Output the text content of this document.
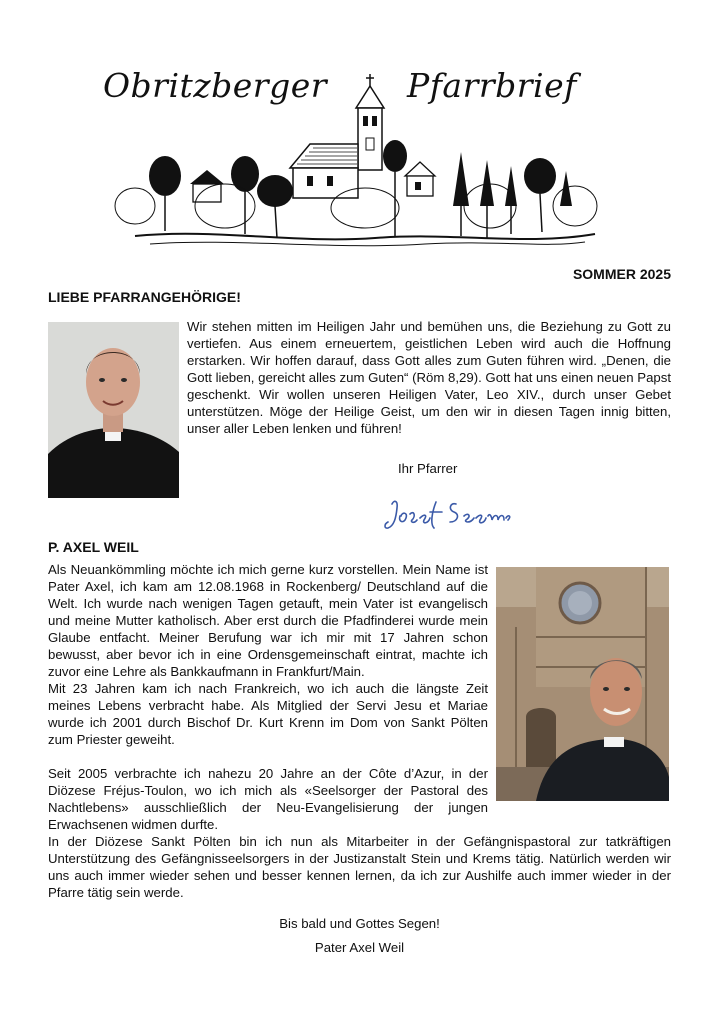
Obritzberger Pfarrbrief
SOMMER 2025
LIEBE PFARRANGEHÖRIGE!

Wir stehen mitten im Heiligen Jahr und bemühen uns, die Beziehung zu Gott zu vertiefen. Aus einem erneuertem, geistlichen Leben wird auch die Hoffnung erstarken. Wir hoffen darauf, dass Gott alles zum Guten führen wird. „Denen, die Gott lieben, gereicht alles zum Guten“ (Röm 8,29). Gott hat uns einen neuen Papst geschenkt. Wir wollen unseren Heiligen Vater, Leo XIV., durch unser Gebet unterstützen. Möge der Heilige Geist, um den wir in diesen Tagen innig bitten, unser aller Leben lenken und führen!

Ihr Pfarrer
P. AXEL WEIL

Als Neuankömmling möchte ich mich gerne kurz vorstellen. Mein Name ist Pater Axel, ich kam am 12.08.1968 in Rockenberg/ Deutschland auf die Welt. Ich wurde nach wenigen Tagen getauft, mein Vater ist evangelisch und meine Mutter katholisch. Aber erst durch die Pfadfinderei wurde mein Glaube entfacht. Meiner Berufung war ich mir mit 17 Jahren schon bewusst, aber bevor ich in eine Ordensgemeinschaft eintrat, machte ich zuvor eine Lehre als Bankkaufmann in Frankfurt/Main.
Mit 23 Jahren kam ich nach Frankreich, wo ich auch die längste Zeit meines Lebens verbracht habe. Als Mitglied der Servi Jesu et Mariae wurde ich 2001 durch Bischof Dr. Kurt Krenn im Dom von Sankt Pölten zum Priester geweiht.

Seit 2005 verbrachte ich nahezu 20 Jahre an der Côte d’Azur, in der Diözese Fréjus-Toulon, wo ich mich als «Seelsorger der Pastoral des Nachtlebens» ausschließlich der Neu-Evangelisierung der jungen Erwachsenen widmen durfte.

In der Diözese Sankt Pölten bin ich nun als Mitarbeiter in der Gefängnispastoral zur tatkräftigen Unterstützung des Gefängnisseelsorgers in der Justizanstalt Stein und Krems tätig. Natürlich werden wir uns auch immer wieder sehen und besser kennen lernen, da ich zur Aushilfe auch immer wieder in der Pfarre tätig sein werde.

Bis bald und Gottes Segen!
Pater Axel Weil
